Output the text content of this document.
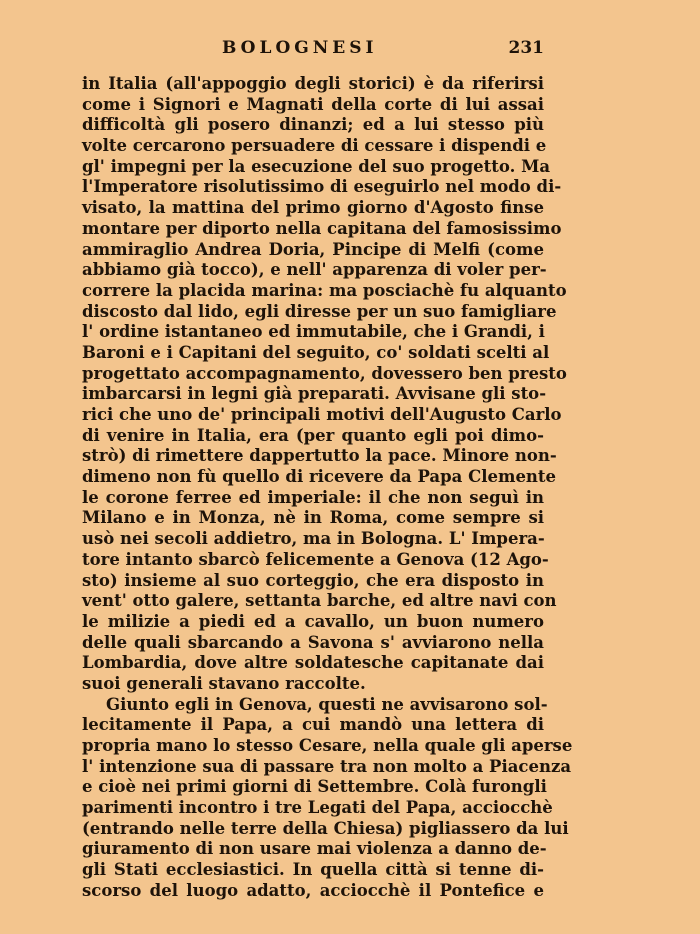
BOLOGNESI	231
in Italia (all'appoggio degli storici) è da riferirsi
come i Signori e Magnati della corte di lui assai
difficoltà gli posero dinanzi; ed a lui stesso più
volte cercarono persuadere di cessare i dispendi e
gl' impegni per la esecuzione del suo progetto. Ma
l'Imperatore risolutissimo di eseguirlo nel modo di-
visato, la mattina del primo giorno d'Agosto finse
montare per diporto nella capitana del famosissimo
ammiraglio Andrea Doria, Pincipe di Melfi (come
abbiamo già tocco), e nell' apparenza di voler per-
correre la placida marina: ma posciachè fu alquanto
discosto dal lido, egli diresse per un suo famigliare
l' ordine istantaneo ed immutabile, che i Grandi, i
Baroni e i Capitani del seguito, co' soldati scelti al
progettato accompagnamento, dovessero ben presto
imbarcarsi in legni già preparati. Avvisane gli sto-
rici che uno de' principali motivi dell'Augusto Carlo
di venire in Italia, era (per quanto egli poi dimo-
strò) di rimettere dappertutto la pace. Minore non-
dimeno non fù quello di ricevere da Papa Clemente
le corone ferree ed imperiale: il che non seguì in
Milano e in Monza, nè in Roma, come sempre si
usò nei secoli addietro, ma in Bologna. L' Impera-
tore intanto sbarcò felicemente a Genova (12 Ago-
sto) insieme al suo corteggio, che era disposto in
vent' otto galere, settanta barche, ed altre navi con
le milizie a piedi ed a cavallo, un buon numero
delle quali sbarcando a Savona s' avviarono nella
Lombardia, dove altre soldatesche capitanate dai
suoi generali stavano raccolte.
Giunto egli in Genova, questi ne avvisarono sol-
lecitamente il Papa, a cui mandò una lettera di
propria mano lo stesso Cesare, nella quale gli aperse
l' intenzione sua di passare tra non molto a Piacenza
e cioè nei primi giorni di Settembre. Colà furongli
parimenti incontro i tre Legati del Papa, acciocchè
(entrando nelle terre della Chiesa) pigliassero da lui
giuramento di non usare mai violenza a danno de-
gli Stati ecclesiastici. In quella città si tenne di-
scorso del luogo adatto, acciocchè il Pontefice e
